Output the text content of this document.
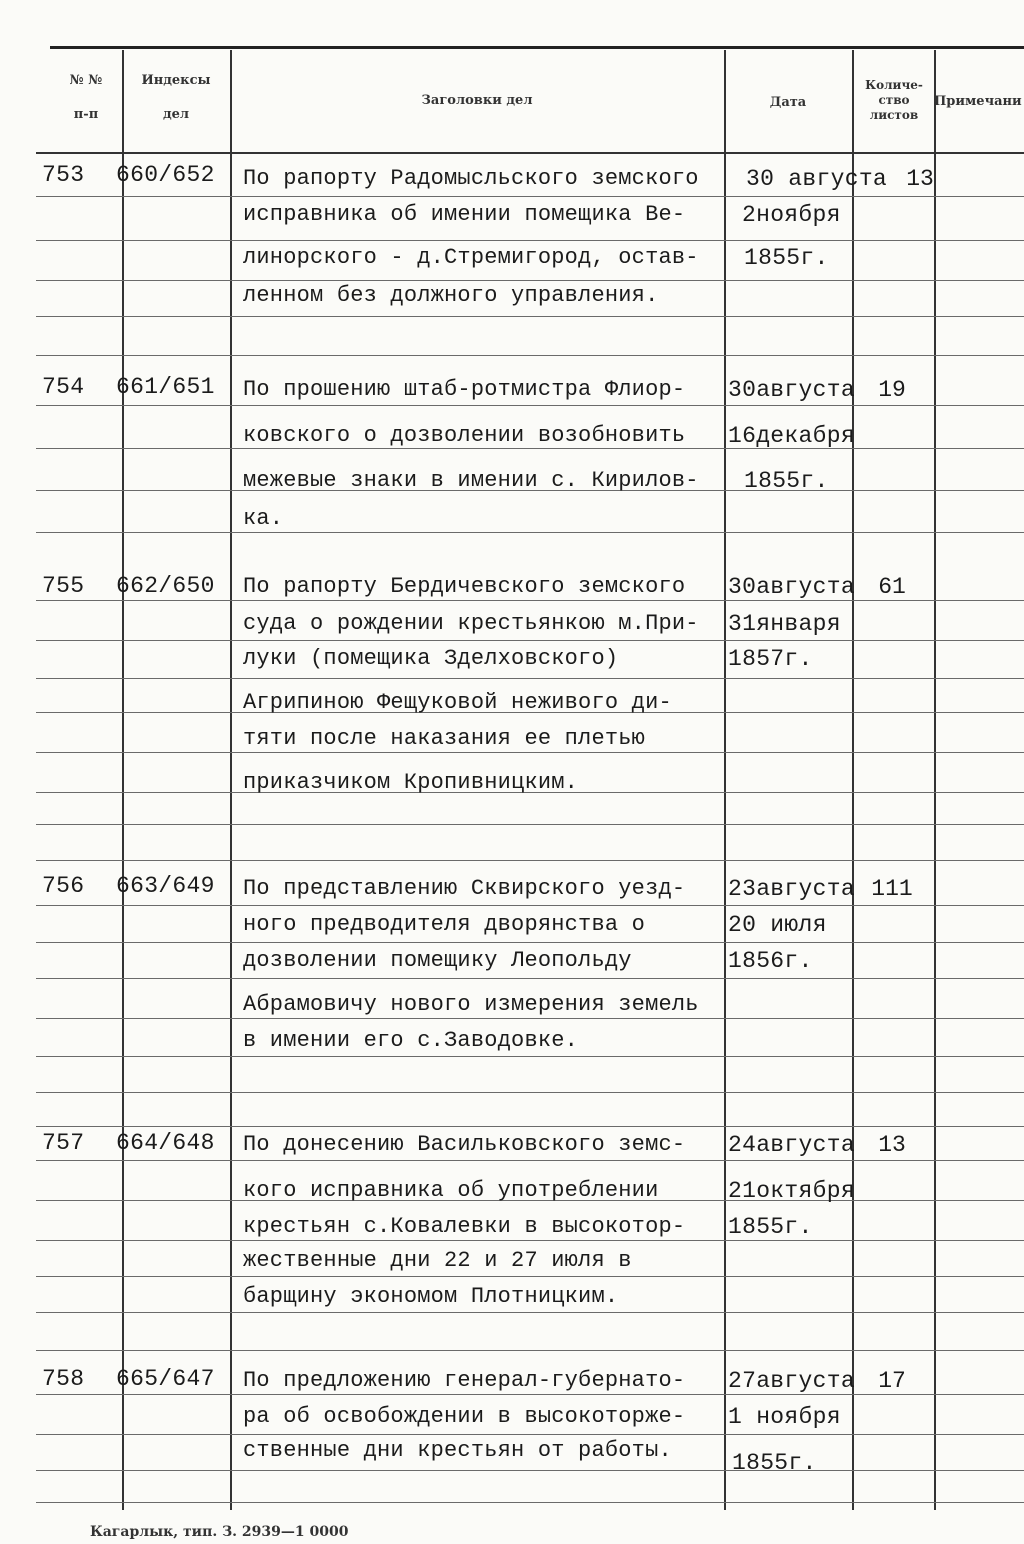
№ №
п-п
Индексы
дел
Заголовки дел	Дата
Количе- ство листов
Примечани
753 660/652 По рапорту Радомысльского земского
исправника об имении помещика Ве-
линорского - д.Стремигород, остав-
ленном без должного управления.
30 августа
2ноября
1855г.
13
754 661/651 По прошению штаб-ротмистра Флиор-
ковского о дозволении возобновить
межевые знаки в имении с. Кирилов-
ка.
30августа
16декабря
1855г.
19
755 662/650 По рапорту Бердичевского земского
суда о рождении крестьянкою м.При-
луки (помещика Зделховского)
Агрипиною Фещуковой неживого ди-
тяти после наказания ее плетью
приказчиком Кропивницким.
30августа
31января
1857г.
61
756 663/649 По представлению Сквирского уезд-
ного предводителя дворянства о
дозволении помещику Леопольду
Абрамовичу нового измерения земель
в имении его с.Заводовке.
23августа
20 июля
1856г.
111
757 664/648 По донесению Васильковского земс-
кого исправника об употреблении
крестьян с.Ковалевки в высокотор-
жественные дни 22 и 27 июля в
барщину экономом Плотницким.
24августа
21октября
1855г.
13
758 665/647 По предложению генерал-губернато-
ра об освобождении в высокоторже-
ственные дни крестьян от работы.
27августа
1 ноября
1855г.
17
Кагарлык, тип. З. 2939—1 0000
